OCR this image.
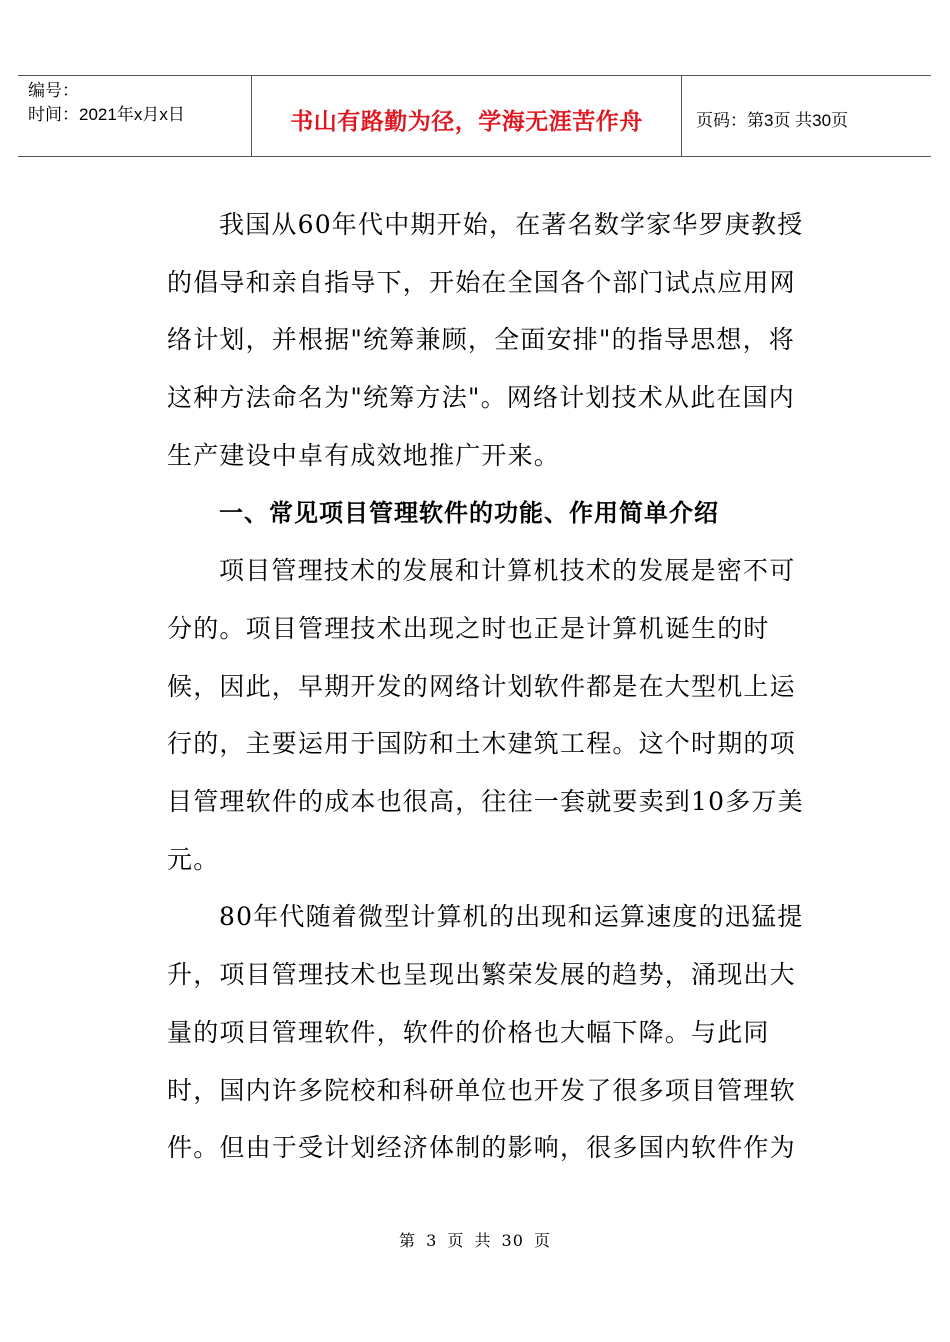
编号：
时间：2021年x月x日	书山有路勤为径，学海无涯苦作舟	页码：第3页 共30页

我国从60年代中期开始，在著名数学家华罗庚教授的倡导和亲自指导下，开始在全国各个部门试点应用网络计划，并根据"统筹兼顾，全面安排"的指导思想，将这种方法命名为"统筹方法"。网络计划技术从此在国内生产建设中卓有成效地推广开来。

一、常见项目管理软件的功能、作用简单介绍

项目管理技术的发展和计算机技术的发展是密不可分的。项目管理技术出现之时也正是计算机诞生的时候，因此，早期开发的网络计划软件都是在大型机上运行的，主要运用于国防和土木建筑工程。这个时期的项目管理软件的成本也很高，往往一套就要卖到10多万美元。

80年代随着微型计算机的出现和运算速度的迅猛提升，项目管理技术也呈现出繁荣发展的趋势，涌现出大量的项目管理软件，软件的价格也大幅下降。与此同时，国内许多院校和科研单位也开发了很多项目管理软件。但由于受计划经济体制的影响，很多国内软件作为

第 3 页 共 30 页
